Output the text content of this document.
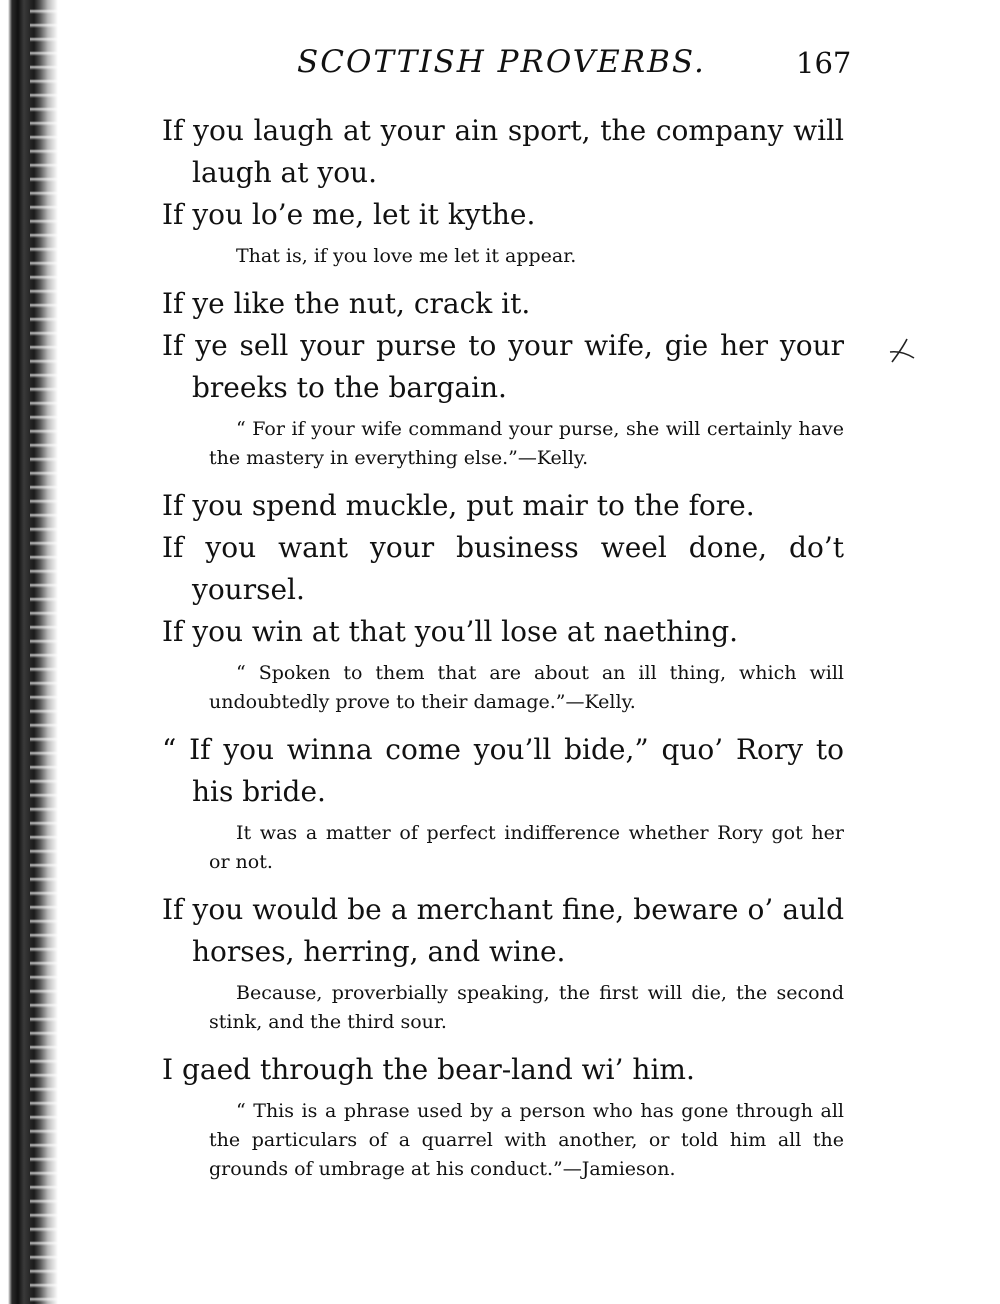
SCOTTISH PROVERBS.	167

If you laugh at your ain sport, the company will laugh at you.

If you lo’e me, let it kythe.

That is, if you love me let it appear.

If ye like the nut, crack it.

If ye sell your purse to your wife, gie her your breeks to the bargain.

“ For if your wife command your purse, she will certainly have the mastery in everything else.”—Kelly.

If you spend muckle, put mair to the fore.

If you want your business weel done, do’t yoursel.

If you win at that you’ll lose at naething.

“ Spoken to them that are about an ill thing, which will undoubtedly prove to their damage.”—Kelly.

“ If you winna come you’ll bide,” quo’ Rory to his bride.

It was a matter of perfect indifference whether Rory got her or not.

If you would be a merchant fine, beware o’ auld horses, herring, and wine.

Because, proverbially speaking, the first will die, the second stink, and the third sour.

I gaed through the bear-land wi’ him.

“ This is a phrase used by a person who has gone through all the particulars of a quarrel with another, or told him all the grounds of umbrage at his conduct.”—Jamieson.
